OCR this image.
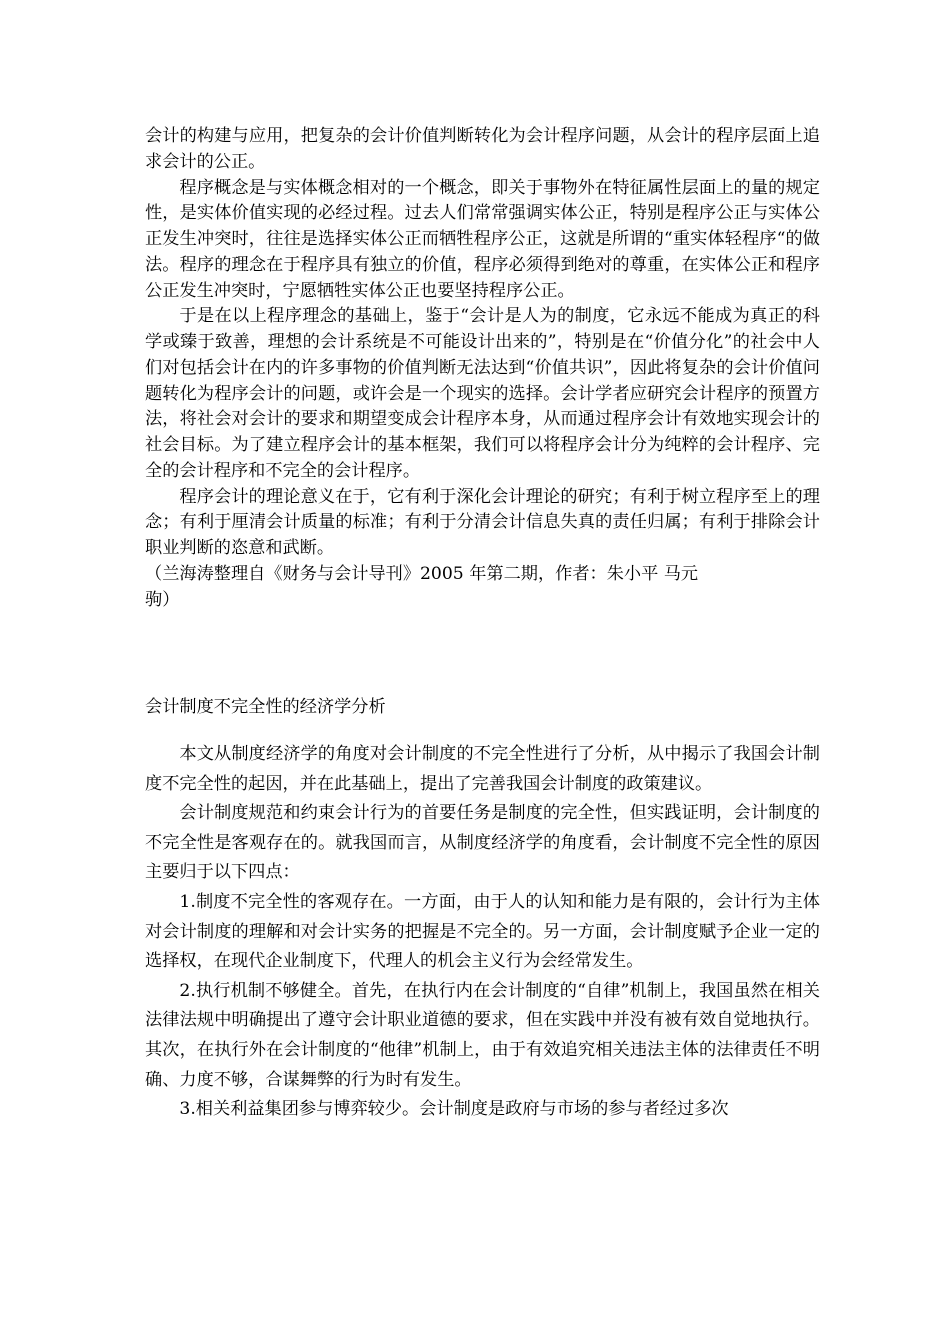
会计的构建与应用，把复杂的会计价值判断转化为会计程序问题，从会计的程序层面上追求会计的公正。

程序概念是与实体概念相对的一个概念，即关于事物外在特征属性层面上的量的规定性，是实体价值实现的必经过程。过去人们常常强调实体公正，特别是程序公正与实体公正发生冲突时，往往是选择实体公正而牺牲程序公正，这就是所谓的“重实体轻程序“的做法。程序的理念在于程序具有独立的价值，程序必须得到绝对的尊重，在实体公正和程序公正发生冲突时，宁愿牺牲实体公正也要坚持程序公正。

于是在以上程序理念的基础上，鉴于“会计是人为的制度，它永远不能成为真正的科学或臻于致善，理想的会计系统是不可能设计出来的”，特别是在“价值分化”的社会中人们对包括会计在内的许多事物的价值判断无法达到“价值共识”，因此将复杂的会计价值问题转化为程序会计的问题，或许会是一个现实的选择。会计学者应研究会计程序的预置方法，将社会对会计的要求和期望变成会计程序本身，从而通过程序会计有效地实现会计的社会目标。为了建立程序会计的基本框架，我们可以将程序会计分为纯粹的会计程序、完全的会计程序和不完全的会计程序。

程序会计的理论意义在于，它有利于深化会计理论的研究；有利于树立程序至上的理念；有利于厘清会计质量的标准；有利于分清会计信息失真的责任归属；有利于排除会计职业判断的恣意和武断。

（兰海涛整理自《财务与会计导刊》2005 年第二期，作者：朱小平 马元
驹）

会计制度不完全性的经济学分析

本文从制度经济学的角度对会计制度的不完全性进行了分析，从中揭示了我国会计制度不完全性的起因，并在此基础上，提出了完善我国会计制度的政策建议。

会计制度规范和约束会计行为的首要任务是制度的完全性，但实践证明，会计制度的不完全性是客观存在的。就我国而言，从制度经济学的角度看，会计制度不完全性的原因主要归于以下四点：

1.制度不完全性的客观存在。一方面，由于人的认知和能力是有限的，会计行为主体对会计制度的理解和对会计实务的把握是不完全的。另一方面，会计制度赋予企业一定的选择权，在现代企业制度下，代理人的机会主义行为会经常发生。

2.执行机制不够健全。首先，在执行内在会计制度的“自律”机制上，我国虽然在相关法律法规中明确提出了遵守会计职业道德的要求，但在实践中并没有被有效自觉地执行。其次，在执行外在会计制度的“他律”机制上，由于有效追究相关违法主体的法律责任不明确、力度不够，合谋舞弊的行为时有发生。

3.相关利益集团参与博弈较少。会计制度是政府与市场的参与者经过多次
